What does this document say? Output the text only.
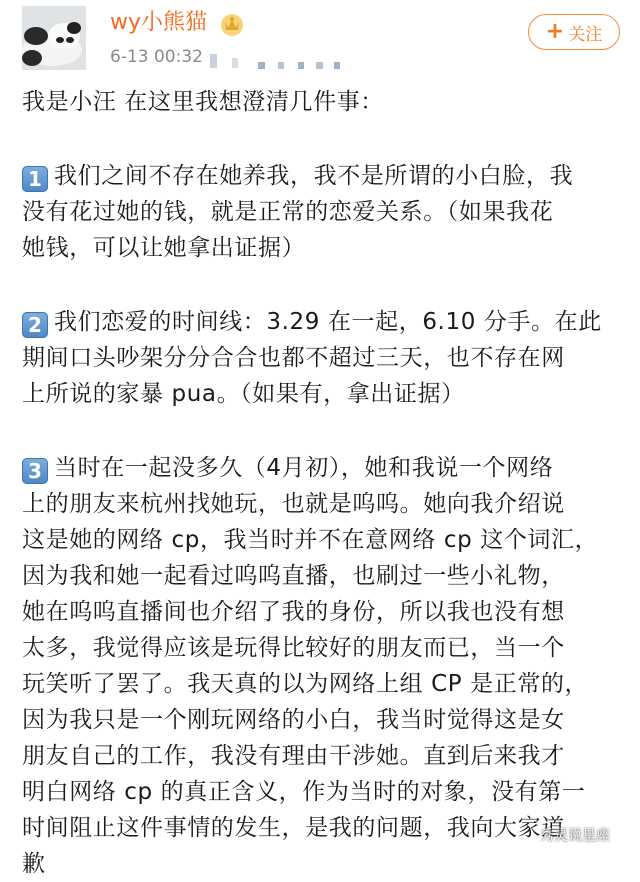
wy小熊猫
6-13 00:32
+ 关注
我是小汪 在这里我想澄清几件事：
1 我们之间不存在她养我，我不是所谓的小白脸，我
没有花过她的钱，就是正常的恋爱关系。（如果我花
她钱，可以让她拿出证据）
2 我们恋爱的时间线：3.29 在一起，6.10 分手。在此
期间口头吵架分分合合也都不超过三天，也不存在网
上所说的家暴 pua。（如果有，拿出证据）
3 当时在一起没多久（4月初），她和我说一个网络
上的朋友来杭州找她玩，也就是呜呜。她向我介绍说
这是她的网络 cp，我当时并不在意网络 cp 这个词汇，
因为我和她一起看过呜呜直播，也刷过一些小礼物，
她在呜呜直播间也介绍了我的身份，所以我也没有想
太多，我觉得应该是玩得比较好的朋友而已，当一个
玩笑听了罢了。我天真的以为网络上组 CP 是正常的，
因为我只是一个刚玩网络的小白，我当时觉得这是女
朋友自己的工作，我没有理由干涉她。直到后来我才
明白网络 cp 的真正含义，作为当时的对象，没有第一
时间阻止这件事情的发生，是我的问题，我向大家道
歉
秀灵说星座
